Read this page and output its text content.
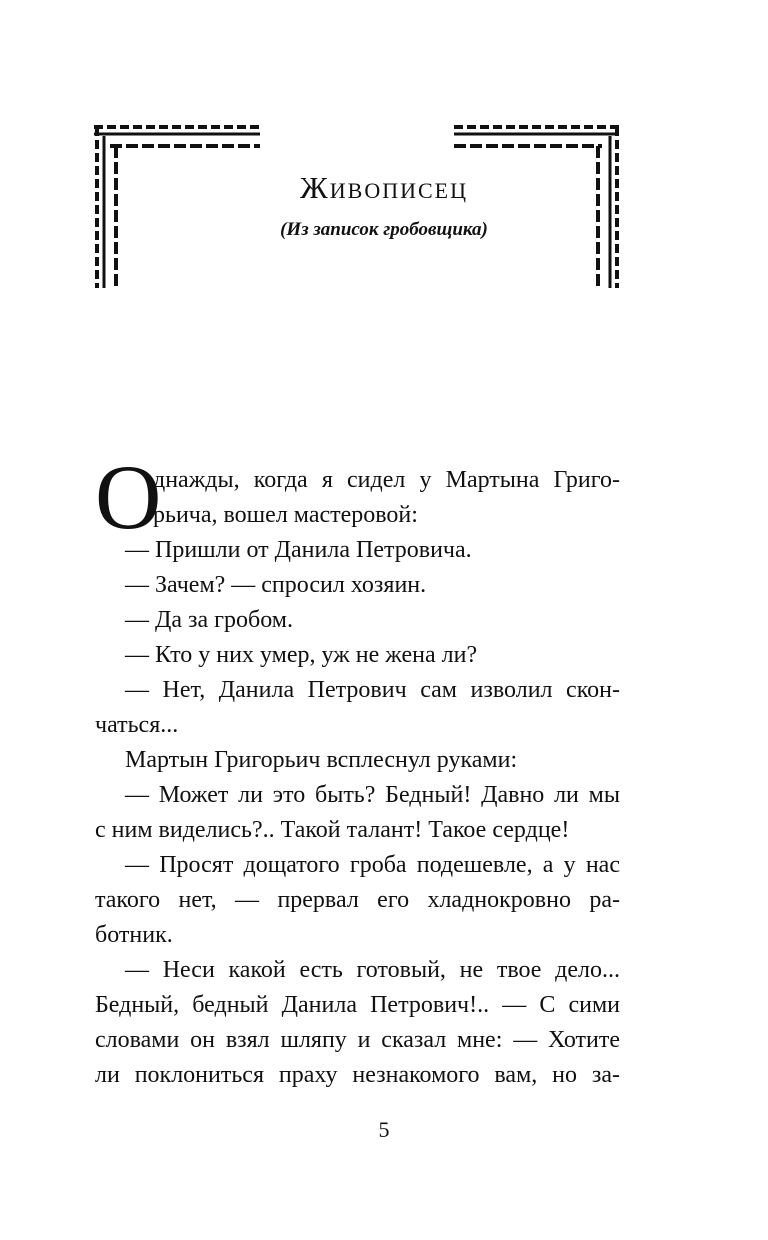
Живописец
(Из записок гробовщика)
О
днажды, когда я сидел у Мартына Григо-
рьича, вошел мастеровой:
— Пришли от Данила Петровича.
— Зачем? — спросил хозяин.
— Да за гробом.
— Кто у них умер, уж не жена ли?
— Нет, Данила Петрович сам изволил скон-
чаться...
Мартын Григорьич всплеснул руками:
— Может ли это быть? Бедный! Давно ли мы
с ним виделись?.. Такой талант! Такое сердце!
— Просят дощатого гроба подешевле, а у нас
такого нет, — прервал его хладнокровно ра-
ботник.
— Неси какой есть готовый, не твое дело...
Бедный, бедный Данила Петрович!.. — С сими
словами он взял шляпу и сказал мне: — Хотите
ли поклониться праху незнакомого вам, но за-
5
